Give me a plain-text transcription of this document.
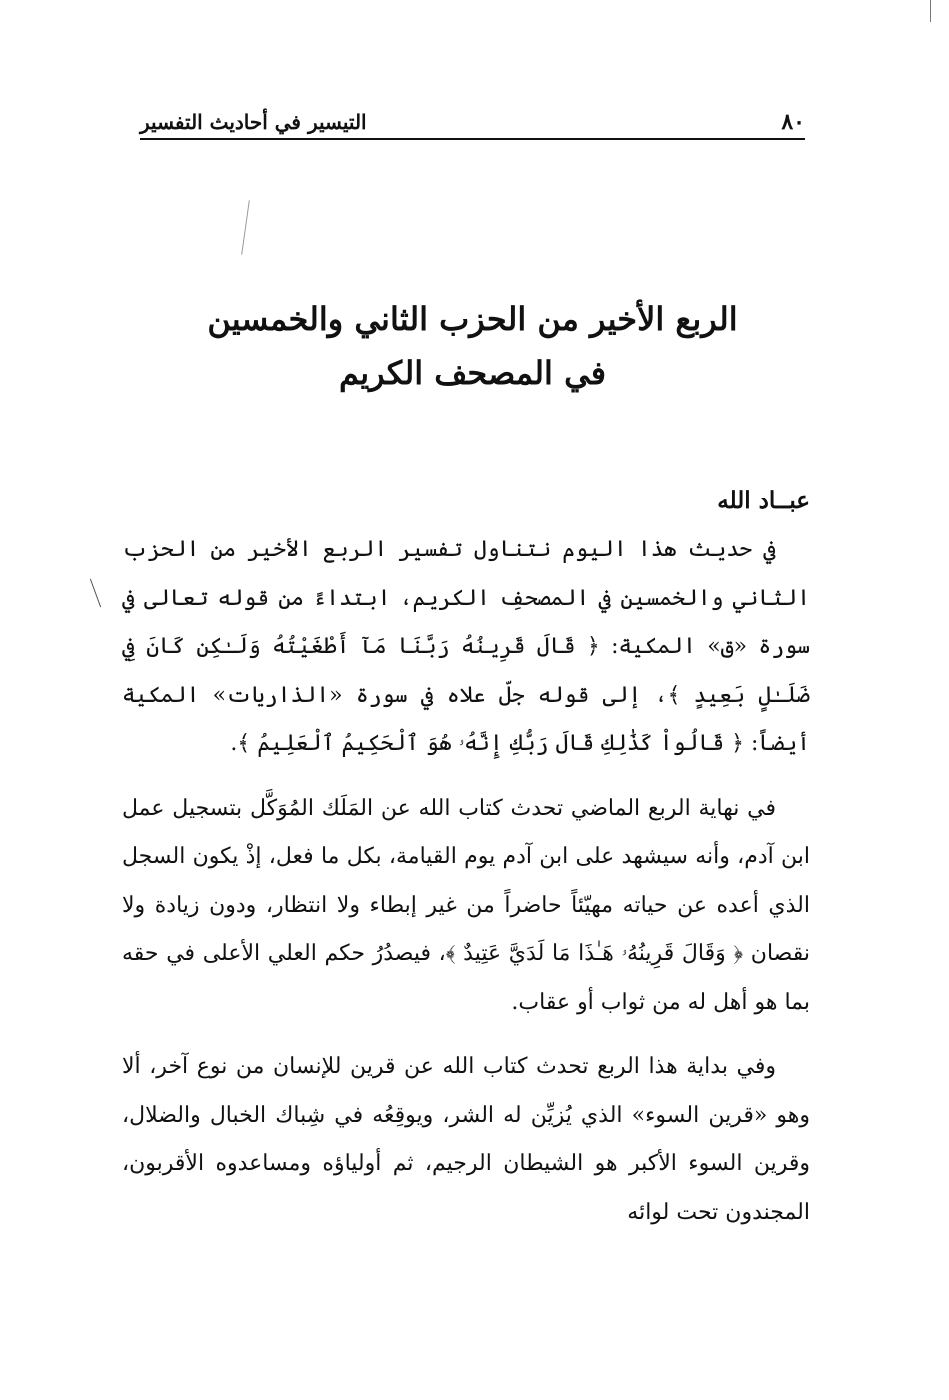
٨٠
التيسير في أحاديث التفسير
الربع الأخير من الحزب الثاني والخمسين
في المصحف الكريم
عبــاد الله

في حديث هذا اليوم نتناول تفسير الربع الأخير من الحزب الثاني والخمسين في المصحفِ الكريم، ابتداءً من قوله تعالى في سورة «ق» المكية: ﴿ قَالَ قَرِينُهُ رَبَّنَا مَآ أَطْغَيْتُهُ وَلَـٰكِن كَانَ فِي ضَلَـٰلٍ بَعِيدٍ ﴾، إلى قوله جلّ علاه في سورة «الذاريات» المكية أيضاً: ﴿ قَالُواْ كَذَٰلِكِ قَالَ رَبُّكِ إِنَّهُۥ هُوَ ٱلْحَكِيمُ ٱلْعَلِيمُ ﴾.

في نهاية الربع الماضي تحدث كتاب الله عن المَلَك المُوَكَّل بتسجيل عمل ابن آدم، وأنه سيشهد على ابن آدم يوم القيامة، بكل ما فعل، إذْ يكون السجل الذي أعده عن حياته مهيّئاً حاضراً من غير إبطاء ولا انتظار، ودون زيادة ولا نقصان ﴿ وَقَالَ قَرِينُهُۥ هَـٰذَا مَا لَدَيَّ عَتِيدٌ ﴾، فيصدُرُ حكم العلي الأعلى في حقه بما هو أهل له من ثواب أو عقاب.

وفي بداية هذا الربع تحدث كتاب الله عن قرين للإنسان من نوع آخر، ألا وهو «قرين السوء» الذي يُزيِّن له الشر، ويوقِعُه في شِباك الخبال والضلال، وقرين السوء الأكبر هو الشيطان الرجيم، ثم أولياؤه ومساعدوه الأقربون، المجندون تحت لوائه
